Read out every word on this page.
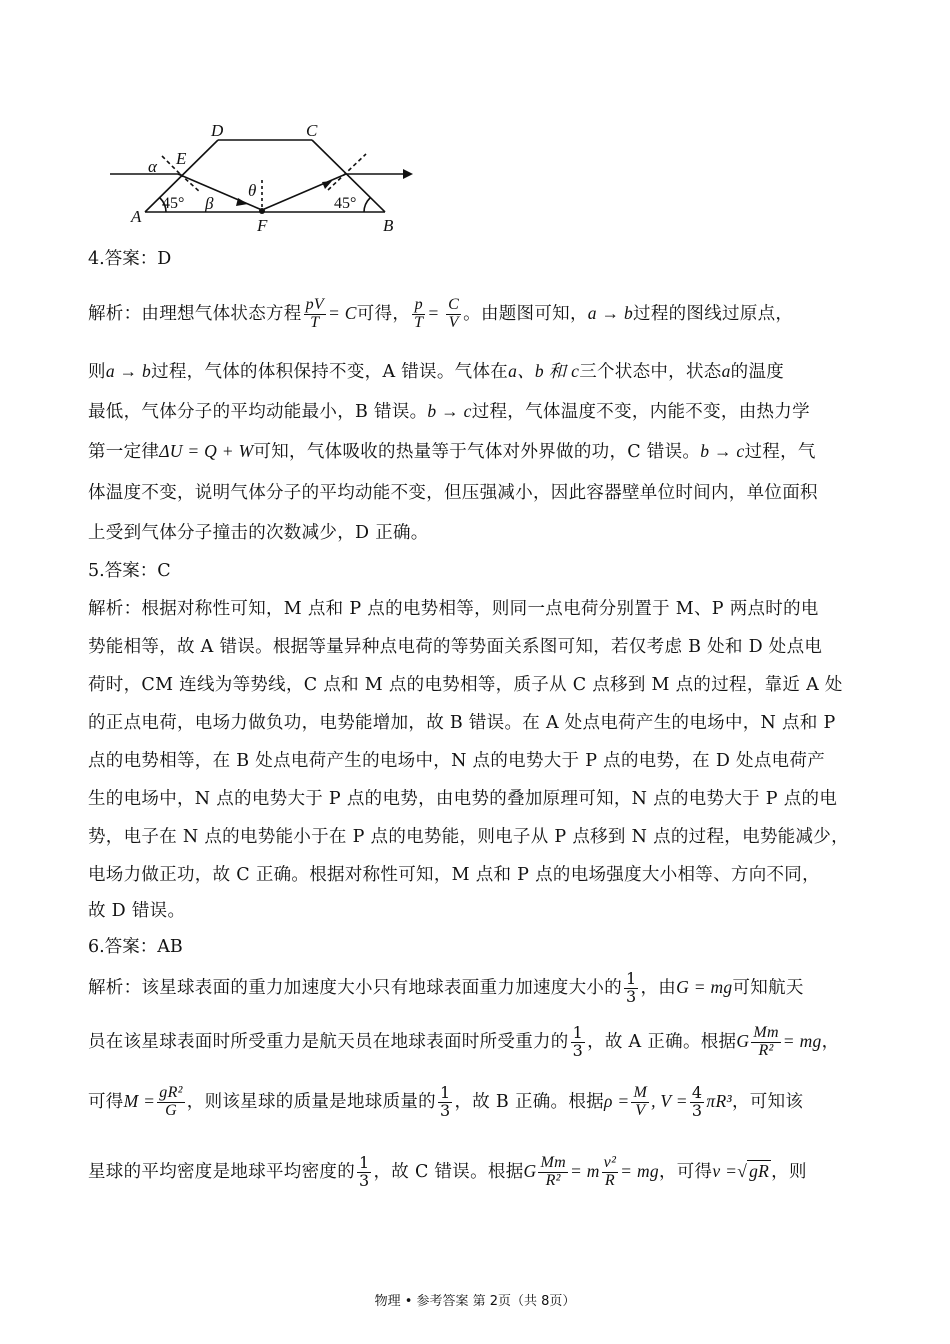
A	B
C
D
E
F
α
β
θ
45°	45°
4.答案：D
解析：由理想气体状态方程 $\frac{pV}{T} = C$可得， $\frac{p}{T} = \frac{C}{V}$ 。由题图可知，a → b过程的图线过原点，
则a → b过程，气体的体积保持不变，A 错误。气体在a、b 和 c三个状态中，状态a的温度
最低，气体分子的平均动能最小，B 错误。b → c过程，气体温度不变，内能不变，由热力学
第一定律ΔU = Q + W可知，气体吸收的热量等于气体对外界做的功，C 错误。b → c过程，气
体温度不变，说明气体分子的平均动能不变，但压强减小，因此容器壁单位时间内，单位面积
上受到气体分子撞击的次数减少，D 正确。
5.答案：C
解析：根据对称性可知，M 点和 P 点的电势相等，则同一点电荷分别置于 M、P 两点时的电
势能相等，故 A 错误。根据等量异种点电荷的等势面关系图可知，若仅考虑 B 处和 D 处点电
荷时，CM 连线为等势线，C 点和 M 点的电势相等，质子从 C 点移到 M 点的过程，靠近 A 处
的正点电荷，电场力做负功，电势能增加，故 B 错误。在 A 处点电荷产生的电场中，N 点和 P
点的电势相等，在 B 处点电荷产生的电场中，N 点的电势大于 P 点的电势，在 D 处点电荷产
生的电场中，N 点的电势大于 P 点的电势，由电势的叠加原理可知，N 点的电势大于 P 点的电
势，电子在 N 点的电势能小于在 P 点的电势能，则电子从 P 点移到 N 点的过程，电势能减少，
电场力做正功，故 C 正确。根据对称性可知，M 点和 P 点的电场强度大小相等、方向不同，
故 D 错误。
6.答案：AB
解析：该星球表面的重力加速度大小只有地球表面重力加速度大小的 $\frac{1}{3}$ ，由G = mg可知航天
员在该星球表面时所受重力是航天员在地球表面时所受重力的 $\frac{1}{3}$ ，故 A 正确。根据G $\frac{Mm}{\text{R²}}$ = mg，
可得$M = \frac{\text{gR²}}{G}$ ，则该星球的质量是地球质量的 $\frac{1}{3}$ ，故 B 正确。根据$\rho = \frac{M}{V}$ , $V = \frac{4}{3} \pi R^3$，可知该
星球的平均密度是地球平均密度的 $\frac{1}{3}$ ，故 C 错误。根据G $\frac{Mm}{\text{R²}} = m \frac{\text{v²}}{R}$ = mg，可得v =√ gR ，则
物理 • 参考答案 第 2页（共 8页）
